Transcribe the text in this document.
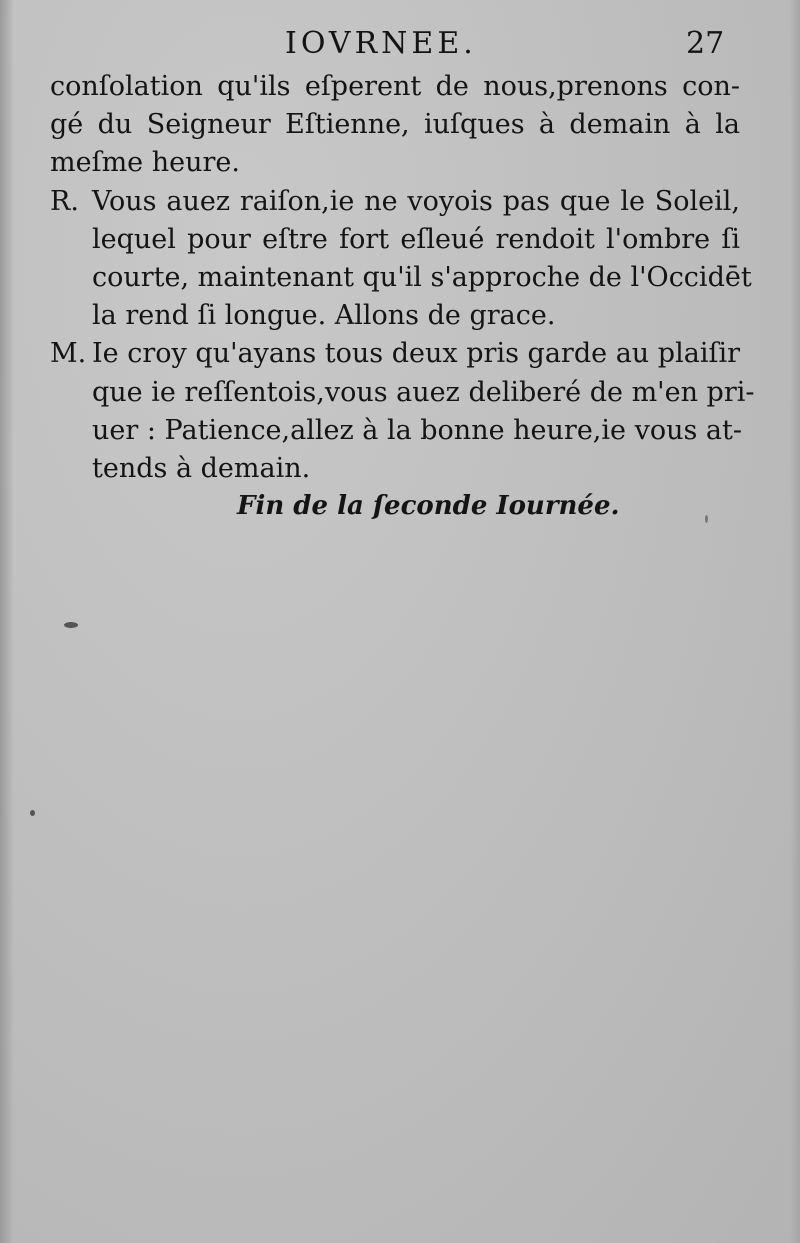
IOVRNEE.	27
conſolation qu'ils eſperent de nous,prenons con-
gé du Seigneur Eſtienne, iuſques à demain à la
meſme heure.
R. Vous auez raiſon,ie ne voyois pas que le Soleil,
lequel pour eſtre fort eſleué rendoit l'ombre ſi
courte, maintenant qu'il s'approche de l'Occidēt
la rend ſi longue. Allons de grace.
M. Ie croy qu'ayans tous deux pris garde au plaiſir
que ie reſſentois,vous auez deliberé de m'en pri-
uer : Patience,allez à la bonne heure,ie vous at-
tends à demain.
Fin de la ſeconde Iournée.
